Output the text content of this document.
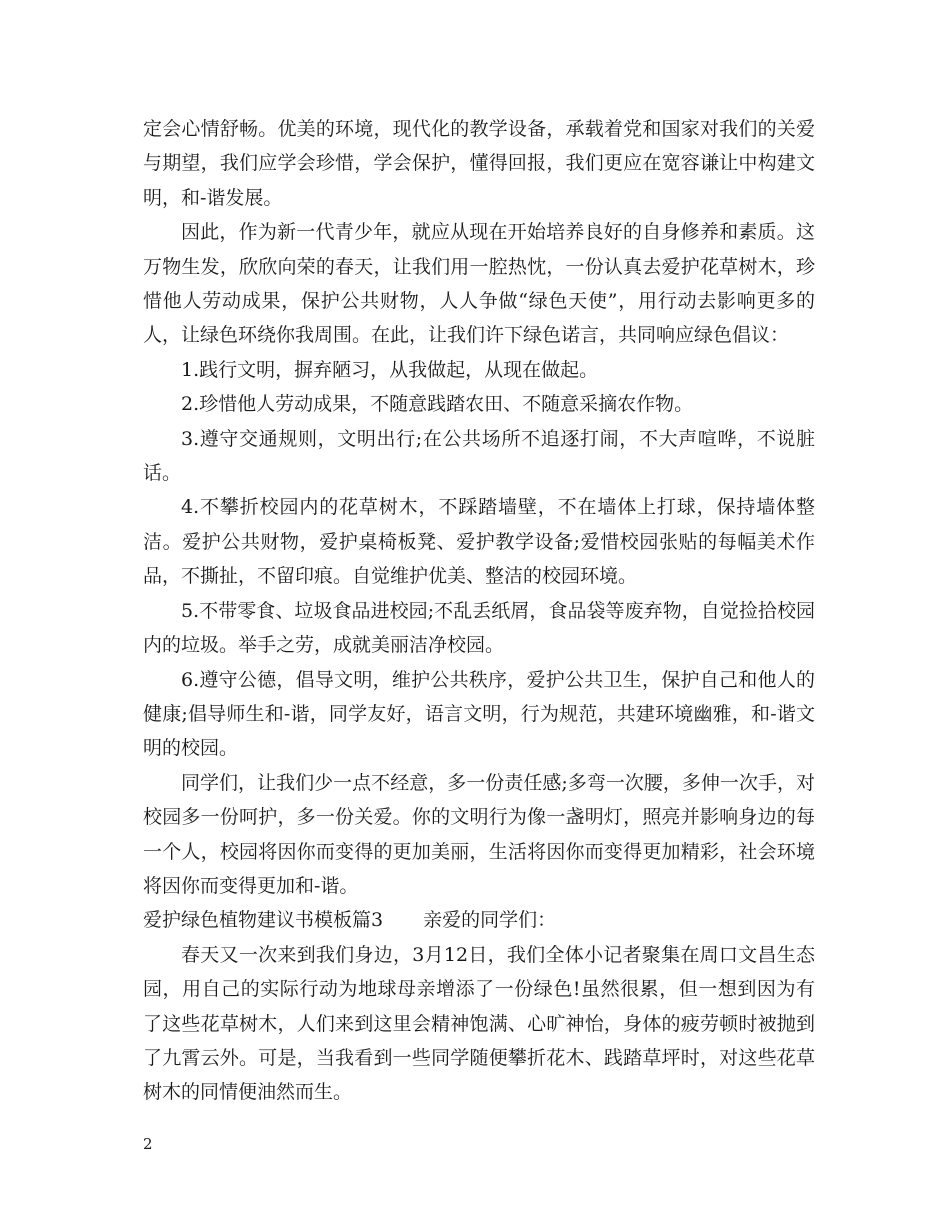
定会心情舒畅。优美的环境，现代化的教学设备，承载着党和国家对我们的关爱与期望，我们应学会珍惜，学会保护，懂得回报，我们更应在宽容谦让中构建文明，和-谐发展。

因此，作为新一代青少年，就应从现在开始培养良好的自身修养和素质。这万物生发，欣欣向荣的春天，让我们用一腔热忱，一份认真去爱护花草树木，珍惜他人劳动成果，保护公共财物，人人争做“绿色天使”，用行动去影响更多的人，让绿色环绕你我周围。在此，让我们许下绿色诺言，共同响应绿色倡议：

1.践行文明，摒弃陋习，从我做起，从现在做起。

2.珍惜他人劳动成果，不随意践踏农田、不随意采摘农作物。

3.遵守交通规则，文明出行;在公共场所不追逐打闹，不大声喧哗，不说脏话。

4.不攀折校园内的花草树木，不踩踏墙壁，不在墙体上打球，保持墙体整洁。爱护公共财物，爱护桌椅板凳、爱护教学设备;爱惜校园张贴的每幅美术作品，不撕扯，不留印痕。自觉维护优美、整洁的校园环境。

5.不带零食、垃圾食品进校园;不乱丢纸屑，食品袋等废弃物，自觉捡拾校园内的垃圾。举手之劳，成就美丽洁净校园。

6.遵守公德，倡导文明，维护公共秩序，爱护公共卫生，保护自己和他人的健康;倡导师生和-谐，同学友好，语言文明，行为规范，共建环境幽雅，和-谐文明的校园。

同学们，让我们少一点不经意，多一份责任感;多弯一次腰，多伸一次手，对校园多一份呵护，多一份关爱。你的文明行为像一盏明灯，照亮并影响身边的每一个人，校园将因你而变得的更加美丽，生活将因你而变得更加精彩，社会环境将因你而变得更加和-谐。

爱护绿色植物建议书模板篇3 亲爱的同学们：

春天又一次来到我们身边，3月12日，我们全体小记者聚集在周口文昌生态园，用自己的实际行动为地球母亲增添了一份绿色!虽然很累，但一想到因为有了这些花草树木，人们来到这里会精神饱满、心旷神怡，身体的疲劳顿时被抛到了九霄云外。可是，当我看到一些同学随便攀折花木、践踏草坪时，对这些花草树木的同情便油然而生。

2
